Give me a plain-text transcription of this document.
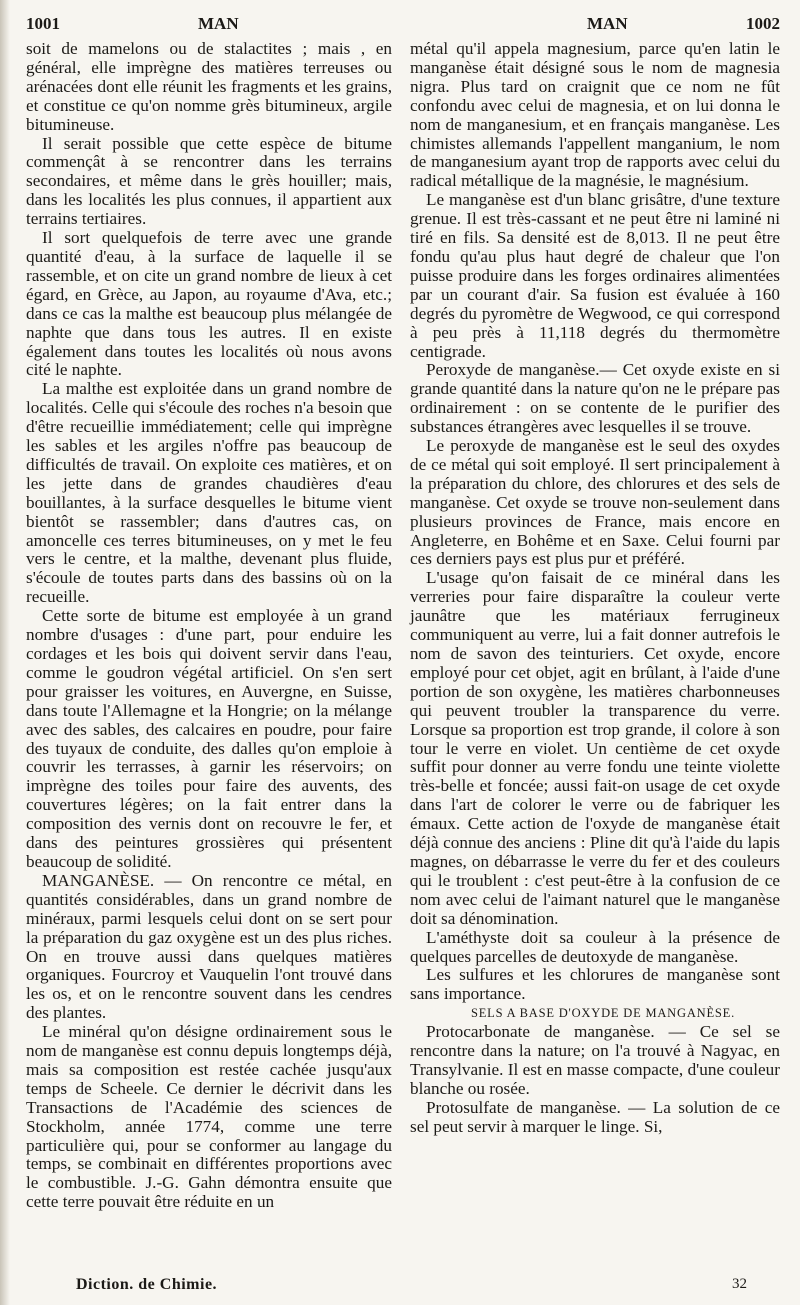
1001	MAN	MAN	1002

soit de mamelons ou de stalactites ; mais , en général, elle imprègne des matières terreuses ou arénacées dont elle réunit les fragments et les grains, et constitue ce qu'on nomme grès bitumineux, argile bitumineuse.

Il serait possible que cette espèce de bitume commençât à se rencontrer dans les terrains secondaires, et même dans le grès houiller; mais, dans les localités les plus connues, il appartient aux terrains tertiaires.

Il sort quelquefois de terre avec une grande quantité d'eau, à la surface de laquelle il se rassemble, et on cite un grand nombre de lieux à cet égard, en Grèce, au Japon, au royaume d'Ava, etc.; dans ce cas la malthe est beaucoup plus mélangée de naphte que dans tous les autres. Il en existe également dans toutes les localités où nous avons cité le naphte.

La malthe est exploitée dans un grand nombre de localités. Celle qui s'écoule des roches n'a besoin que d'être recueillie immédiatement; celle qui imprègne les sables et les argiles n'offre pas beaucoup de difficultés de travail. On exploite ces matières, et on les jette dans de grandes chaudières d'eau bouillantes, à la surface desquelles le bitume vient bientôt se rassembler; dans d'autres cas, on amoncelle ces terres bitumineuses, on y met le feu vers le centre, et la malthe, devenant plus fluide, s'écoule de toutes parts dans des bassins où on la recueille.

Cette sorte de bitume est employée à un grand nombre d'usages : d'une part, pour enduire les cordages et les bois qui doivent servir dans l'eau, comme le goudron végétal artificiel. On s'en sert pour graisser les voitures, en Auvergne, en Suisse, dans toute l'Allemagne et la Hongrie; on la mélange avec des sables, des calcaires en poudre, pour faire des tuyaux de conduite, des dalles qu'on emploie à couvrir les terrasses, à garnir les réservoirs; on imprègne des toiles pour faire des auvents, des couvertures légères; on la fait entrer dans la composition des vernis dont on recouvre le fer, et dans des peintures grossières qui présentent beaucoup de solidité.

MANGANÈSE. — On rencontre ce métal, en quantités considérables, dans un grand nombre de minéraux, parmi lesquels celui dont on se sert pour la préparation du gaz oxygène est un des plus riches. On en trouve aussi dans quelques matières organiques. Fourcroy et Vauquelin l'ont trouvé dans les os, et on le rencontre souvent dans les cendres des plantes.

Le minéral qu'on désigne ordinairement sous le nom de manganèse est connu depuis longtemps déjà, mais sa composition est restée cachée jusqu'aux temps de Scheele. Ce dernier le décrivit dans les Transactions de l'Académie des sciences de Stockholm, année 1774, comme une terre particulière qui, pour se conformer au langage du temps, se combinait en différentes proportions avec le combustible. J.-G. Gahn démontra ensuite que cette terre pouvait être réduite en un

métal qu'il appela magnesium, parce qu'en latin le manganèse était désigné sous le nom de magnesia nigra. Plus tard on craignit que ce nom ne fût confondu avec celui de magnesia, et on lui donna le nom de manganesium, et en français manganèse. Les chimistes allemands l'appellent manganium, le nom de manganesium ayant trop de rapports avec celui du radical métallique de la magnésie, le magnésium.

Le manganèse est d'un blanc grisâtre, d'une texture grenue. Il est très-cassant et ne peut être ni laminé ni tiré en fils. Sa densité est de 8,013. Il ne peut être fondu qu'au plus haut degré de chaleur que l'on puisse produire dans les forges ordinaires alimentées par un courant d'air. Sa fusion est évaluée à 160 degrés du pyromètre de Wegwood, ce qui correspond à peu près à 11,118 degrés du thermomètre centigrade.

Peroxyde de manganèse.— Cet oxyde existe en si grande quantité dans la nature qu'on ne le prépare pas ordinairement : on se contente de le purifier des substances étrangères avec lesquelles il se trouve.

Le peroxyde de manganèse est le seul des oxydes de ce métal qui soit employé. Il sert principalement à la préparation du chlore, des chlorures et des sels de manganèse. Cet oxyde se trouve non-seulement dans plusieurs provinces de France, mais encore en Angleterre, en Bohême et en Saxe. Celui fourni par ces derniers pays est plus pur et préféré.

L'usage qu'on faisait de ce minéral dans les verreries pour faire disparaître la couleur verte jaunâtre que les matériaux ferrugineux communiquent au verre, lui a fait donner autrefois le nom de savon des teinturiers. Cet oxyde, encore employé pour cet objet, agit en brûlant, à l'aide d'une portion de son oxygène, les matières charbonneuses qui peuvent troubler la transparence du verre. Lorsque sa proportion est trop grande, il colore à son tour le verre en violet. Un centième de cet oxyde suffit pour donner au verre fondu une teinte violette très-belle et foncée; aussi fait-on usage de cet oxyde dans l'art de colorer le verre ou de fabriquer les émaux. Cette action de l'oxyde de manganèse était déjà connue des anciens : Pline dit qu'à l'aide du lapis magnes, on débarrasse le verre du fer et des couleurs qui le troublent : c'est peut-être à la confusion de ce nom avec celui de l'aimant naturel que le manganèse doit sa dénomination.

L'améthyste doit sa couleur à la présence de quelques parcelles de deutoxyde de manganèse.

Les sulfures et les chlorures de manganèse sont sans importance.

SELS A BASE D'OXYDE DE MANGANÈSE.

Protocarbonate de manganèse. — Ce sel se rencontre dans la nature; on l'a trouvé à Nagyac, en Transylvanie. Il est en masse compacte, d'une couleur blanche ou rosée.

Protosulfate de manganèse. — La solution de ce sel peut servir à marquer le linge. Si,

Diction. de Chimie.	32
